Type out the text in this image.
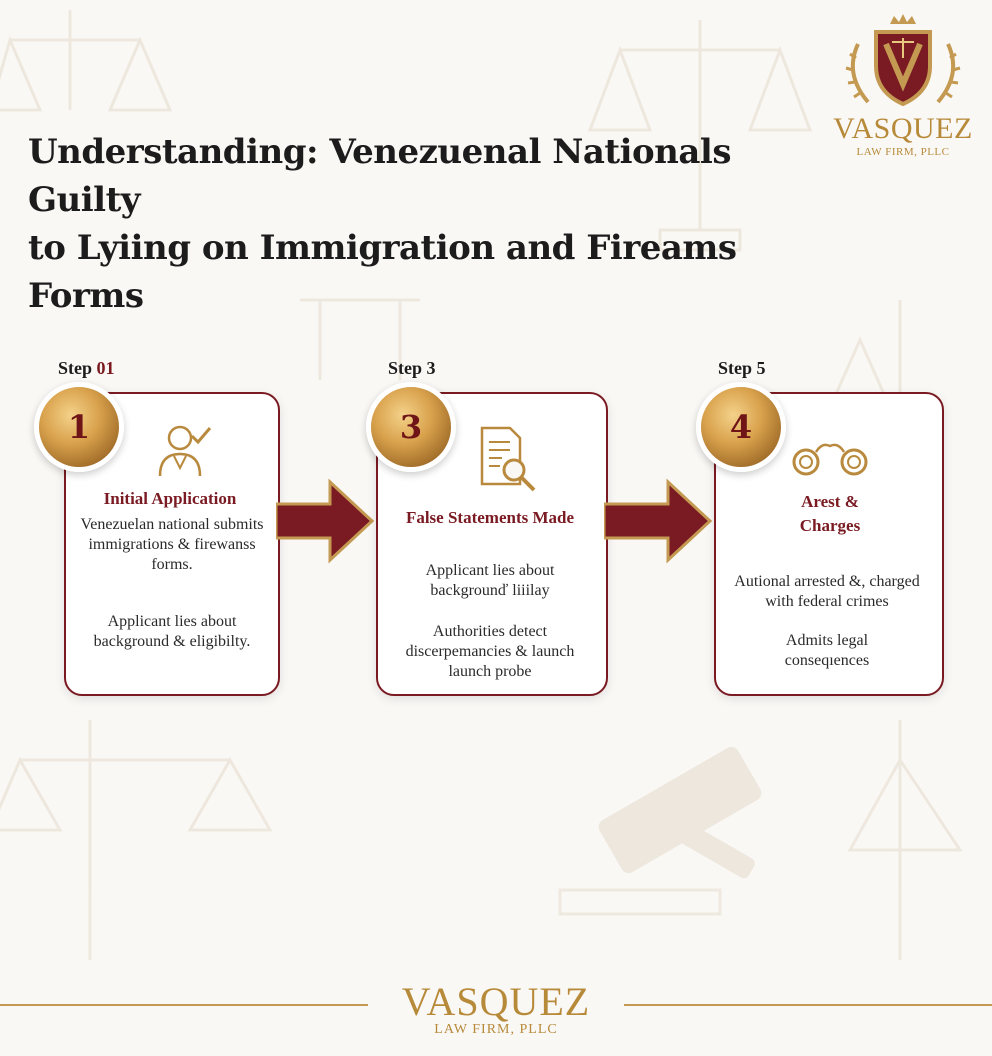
Understanding: Venezuenal Nationals Guilty
to Lyiing on Immigration and Fireams Forms
VASQUEZ
LAW FIRM, PLLC
Step 01	Step 3	Step 5
1
Initial Application
Venezuelan national submits immigrations & firewanss forms.
Applicant lies about background & eligibilty.
3
False Statements Made
Applicant lies about backgrounď liiilay
Authorities detect discerpemancies & launch launch probe
4
Arest &
Charges
Autional arrested &, charged with federal crimes
Admits legal conseqıences
VASQUEZ
LAW FIRM, PLLC
